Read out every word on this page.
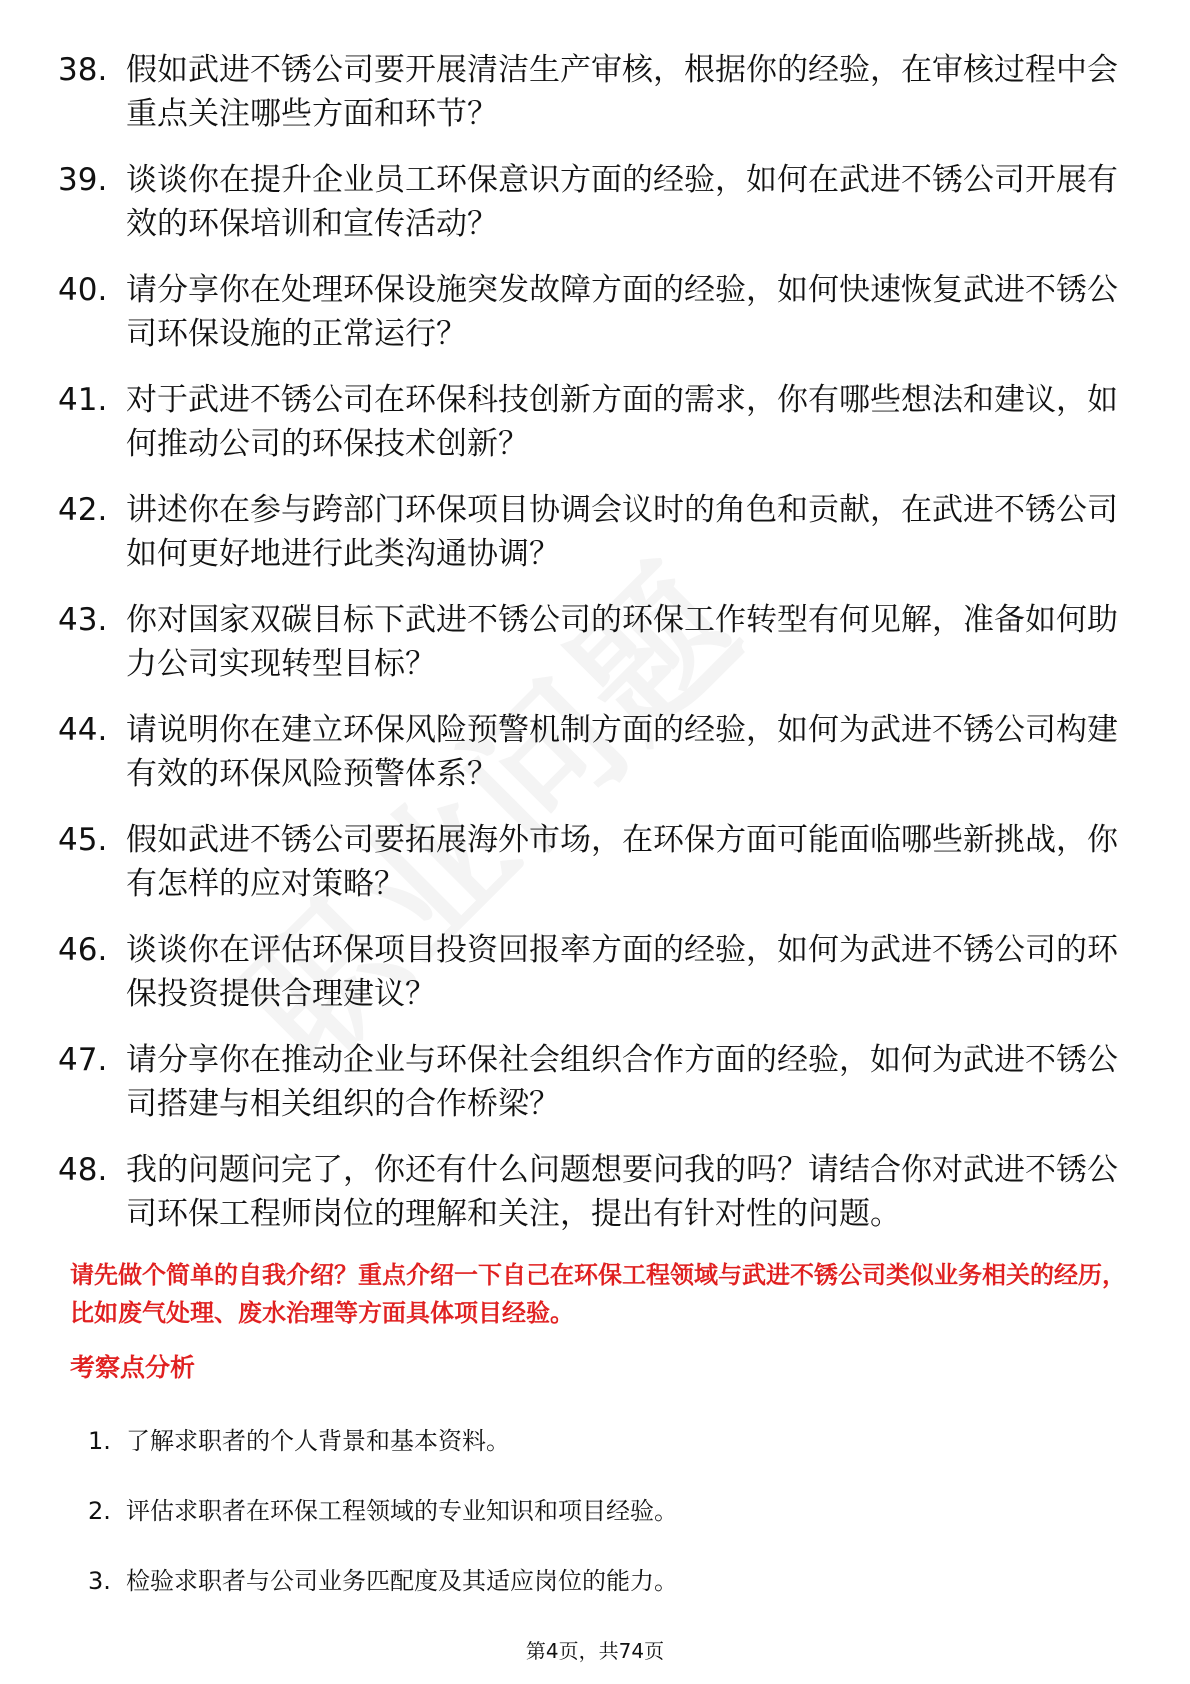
38. 假如武进不锈公司要开展清洁生产审核，根据你的经验，在审核过程中会重点关注哪些方面和环节？
39. 谈谈你在提升企业员工环保意识方面的经验，如何在武进不锈公司开展有效的环保培训和宣传活动？
40. 请分享你在处理环保设施突发故障方面的经验，如何快速恢复武进不锈公司环保设施的正常运行？
41. 对于武进不锈公司在环保科技创新方面的需求，你有哪些想法和建议，如何推动公司的环保技术创新？
42. 讲述你在参与跨部门环保项目协调会议时的角色和贡献，在武进不锈公司如何更好地进行此类沟通协调？
43. 你对国家双碳目标下武进不锈公司的环保工作转型有何见解，准备如何助力公司实现转型目标？
44. 请说明你在建立环保风险预警机制方面的经验，如何为武进不锈公司构建有效的环保风险预警体系？
45. 假如武进不锈公司要拓展海外市场，在环保方面可能面临哪些新挑战，你有怎样的应对策略？
46. 谈谈你在评估环保项目投资回报率方面的经验，如何为武进不锈公司的环保投资提供合理建议？
47. 请分享你在推动企业与环保社会组织合作方面的经验，如何为武进不锈公司搭建与相关组织的合作桥梁？
48. 我的问题问完了，你还有什么问题想要问我的吗？请结合你对武进不锈公司环保工程师岗位的理解和关注，提出有针对性的问题。
请先做个简单的自我介绍？重点介绍一下自己在环保工程领域与武进不锈公司类似业务相关的经历，比如废气处理、废水治理等方面具体项目经验。
考察点分析
1. 了解求职者的个人背景和基本资料。
2. 评估求职者在环保工程领域的专业知识和项目经验。
3. 检验求职者与公司业务匹配度及其适应岗位的能力。
第4页，共74页
